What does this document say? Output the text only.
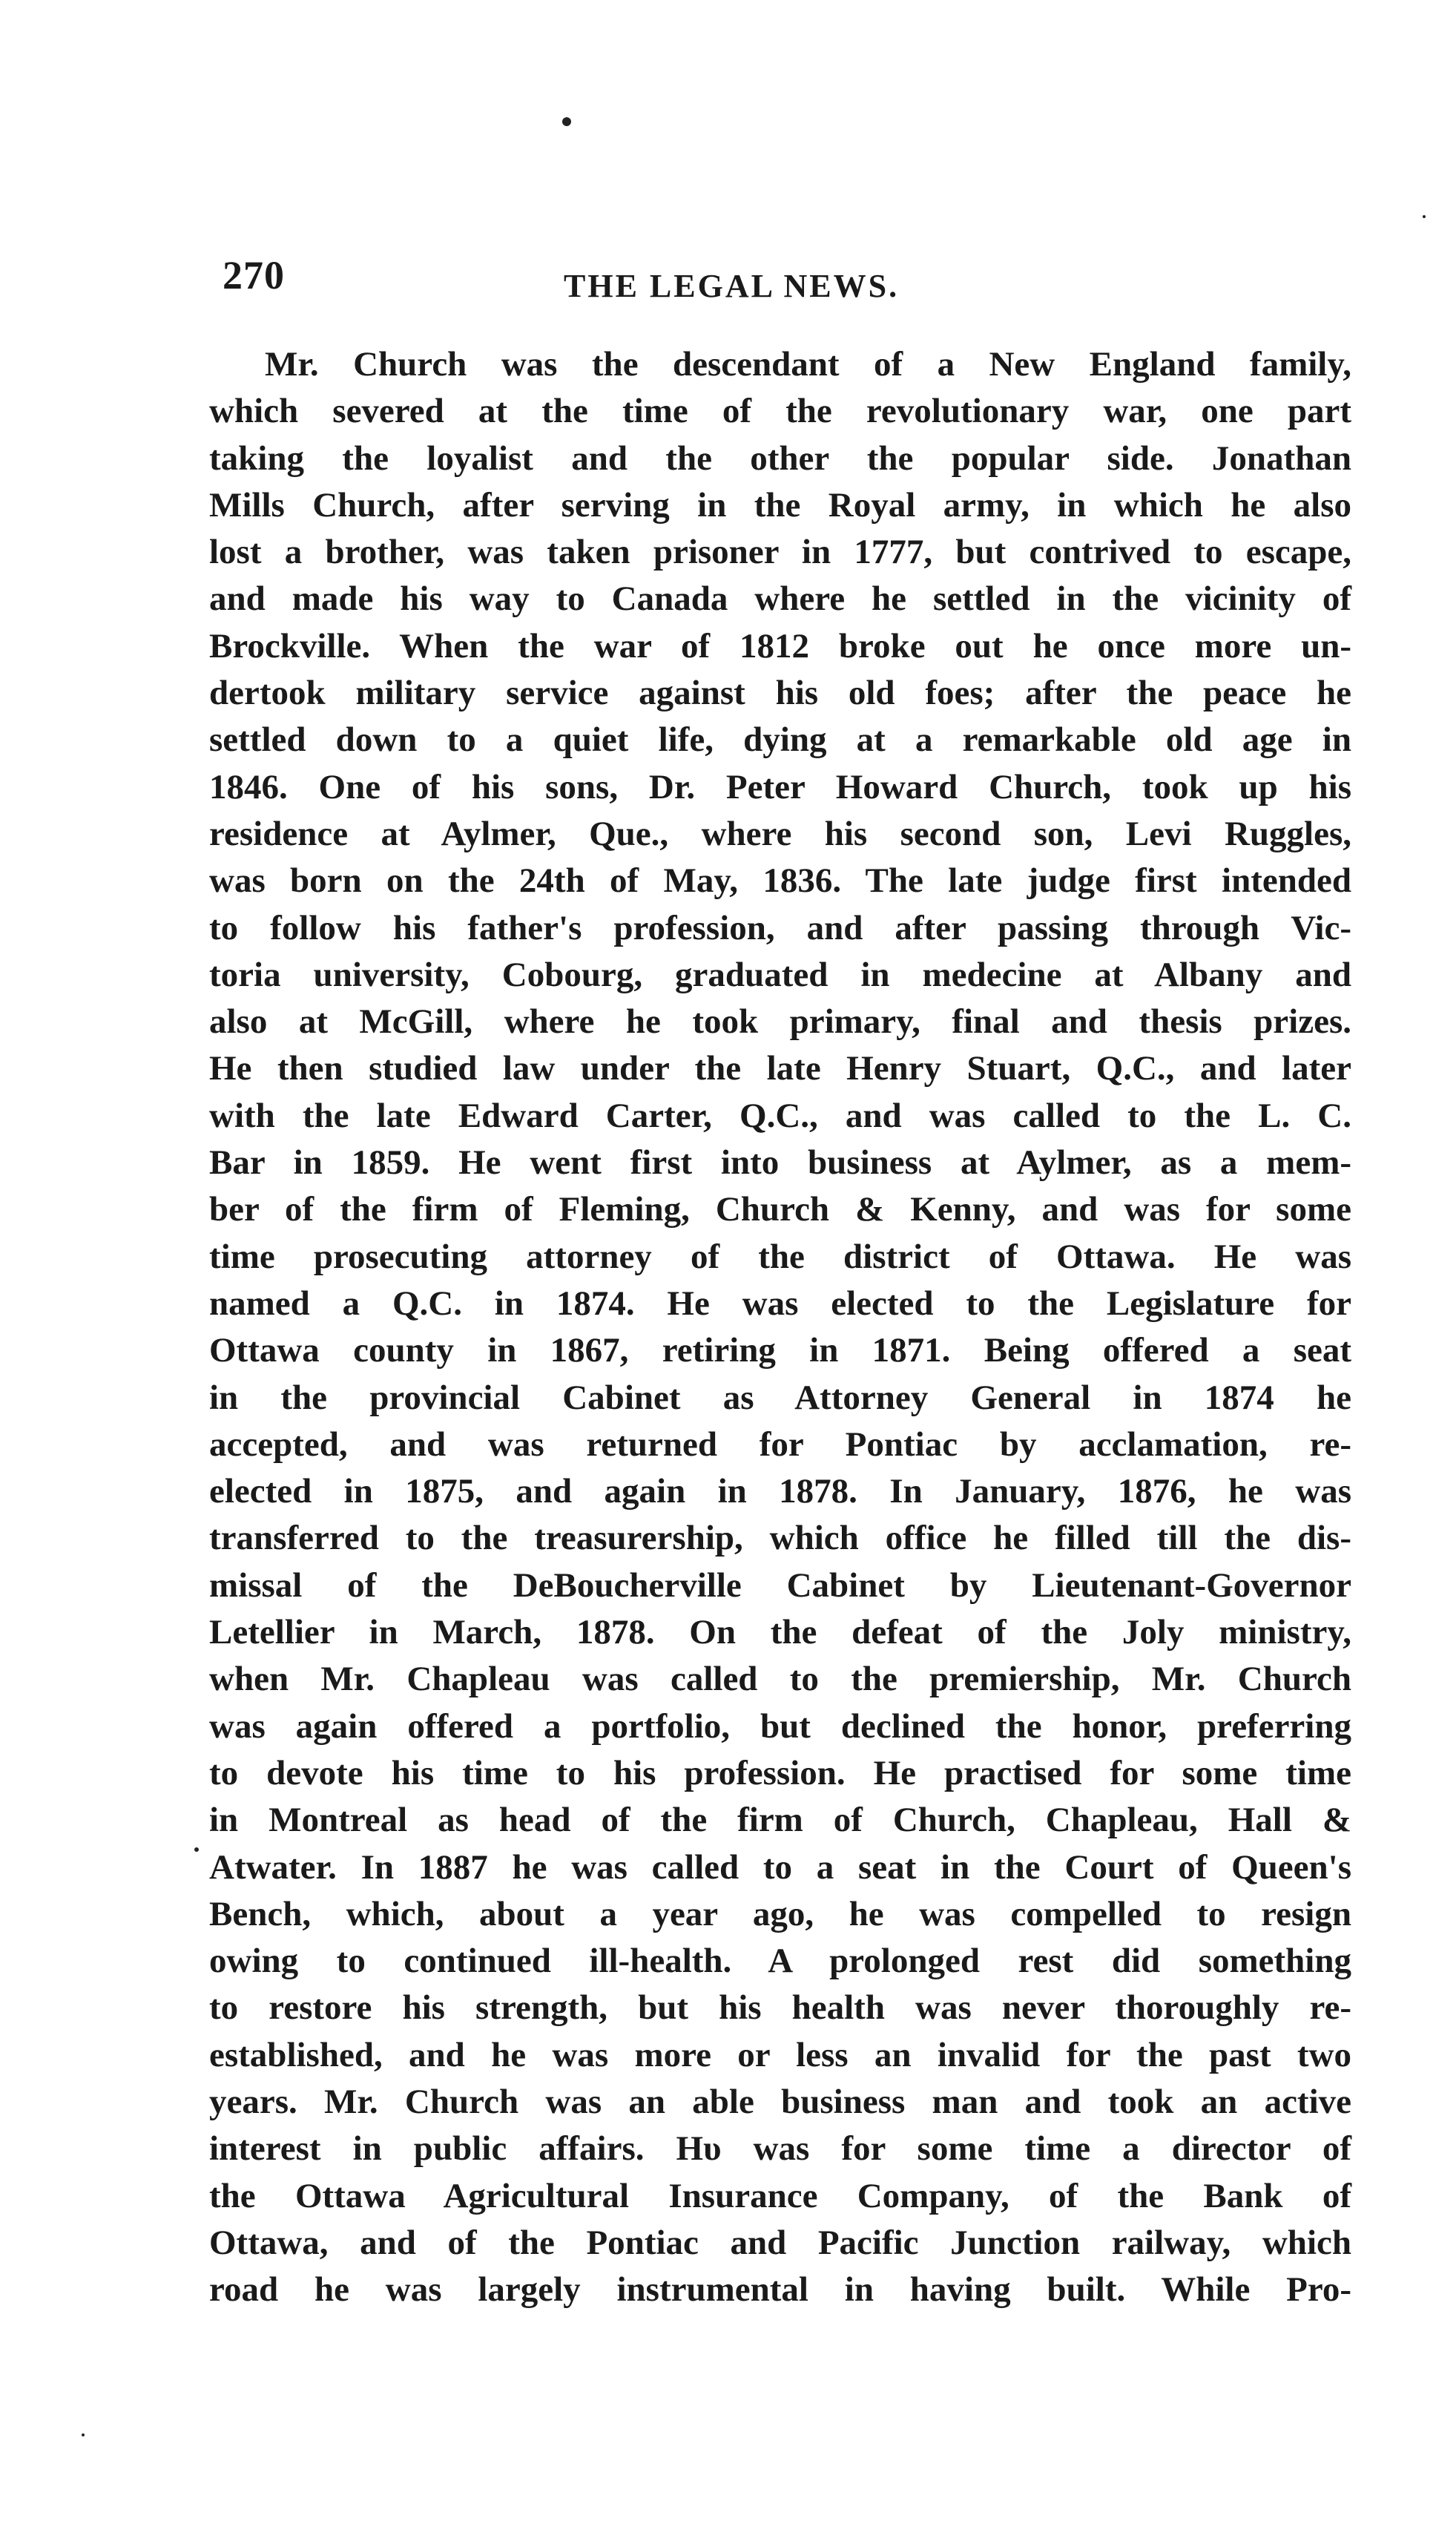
270	THE LEGAL NEWS.
Mr. Church was the descendant of a New England family,
which severed at the time of the revolutionary war, one part
taking the loyalist and the other the popular side. Jonathan
Mills Church, after serving in the Royal army, in which he also
lost a brother, was taken prisoner in 1777, but contrived to escape,
and made his way to Canada where he settled in the vicinity of
Brockville. When the war of 1812 broke out he once more un-
dertook military service against his old foes; after the peace he
settled down to a quiet life, dying at a remarkable old age in
1846. One of his sons, Dr. Peter Howard Church, took up his
residence at Aylmer, Que., where his second son, Levi Ruggles,
was born on the 24th of May, 1836. The late judge first intended
to follow his father's profession, and after passing through Vic-
toria university, Cobourg, graduated in medecine at Albany and
also at McGill, where he took primary, final and thesis prizes.
He then studied law under the late Henry Stuart, Q.C., and later
with the late Edward Carter, Q.C., and was called to the L. C.
Bar in 1859. He went first into business at Aylmer, as a mem-
ber of the firm of Fleming, Church & Kenny, and was for some
time prosecuting attorney of the district of Ottawa. He was
named a Q.C. in 1874. He was elected to the Legislature for
Ottawa county in 1867, retiring in 1871. Being offered a seat
in the provincial Cabinet as Attorney General in 1874 he
accepted, and was returned for Pontiac by acclamation, re-
elected in 1875, and again in 1878. In January, 1876, he was
transferred to the treasurership, which office he filled till the dis-
missal of the DeBoucherville Cabinet by Lieutenant-Governor
Letellier in March, 1878. On the defeat of the Joly ministry,
when Mr. Chapleau was called to the premiership, Mr. Church
was again offered a portfolio, but declined the honor, preferring
to devote his time to his profession. He practised for some time
in Montreal as head of the firm of Church, Chapleau, Hall &
Atwater. In 1887 he was called to a seat in the Court of Queen's
Bench, which, about a year ago, he was compelled to resign
owing to continued ill-health. A prolonged rest did something
to restore his strength, but his health was never thoroughly re-
established, and he was more or less an invalid for the past two
years. Mr. Church was an able business man and took an active
interest in public affairs. Hυ was for some time a director of
the Ottawa Agricultural Insurance Company, of the Bank of
Ottawa, and of the Pontiac and Pacific Junction railway, which
road he was largely instrumental in having built. While Pro-
